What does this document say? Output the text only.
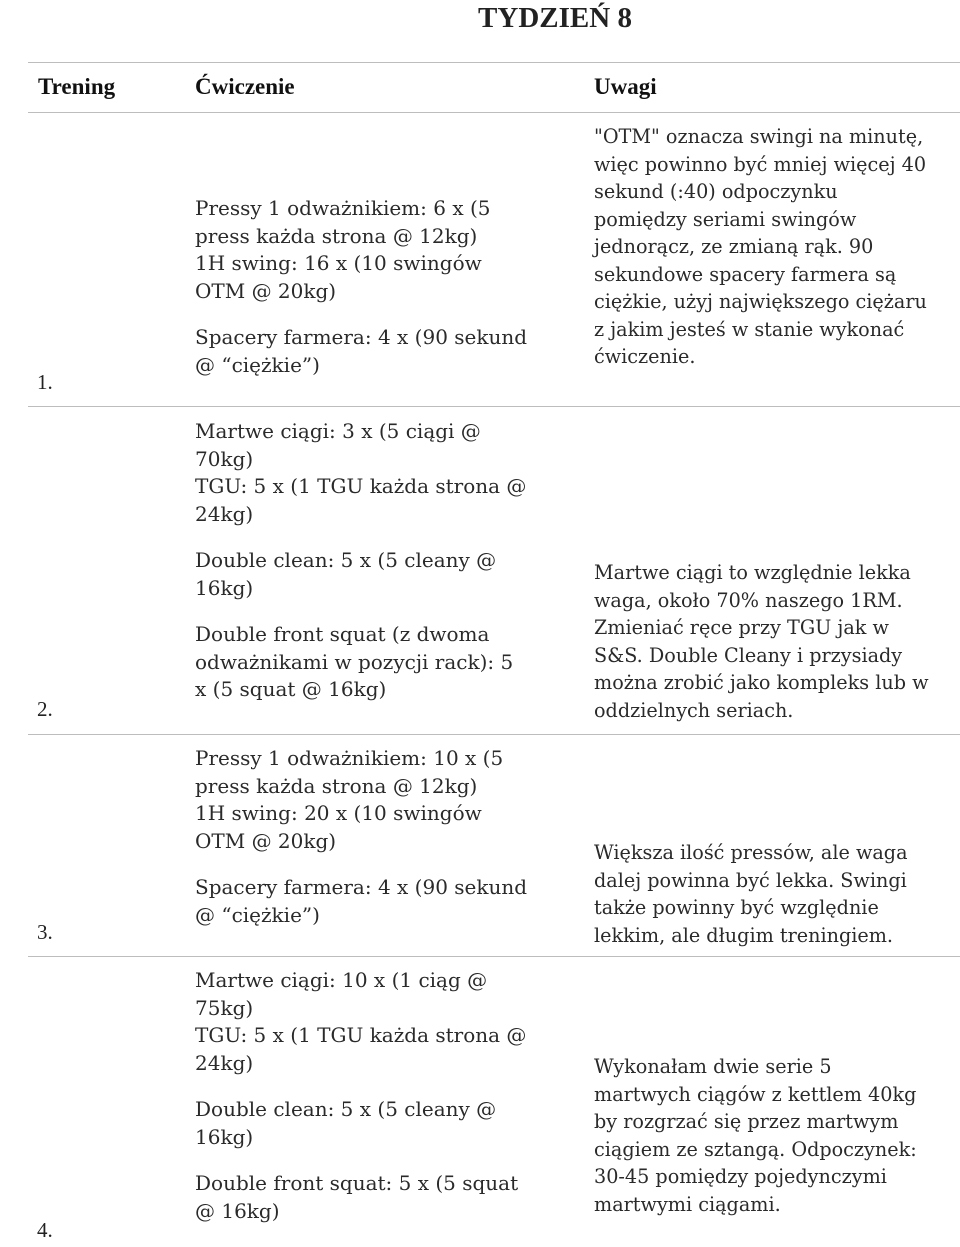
TYDZIEŃ 8
Trening	Ćwiczenie	Uwagi
1.

Pressy 1 odważnikiem: 6 x (5
press każda strona @ 12kg)
1H swing: 16 x (10 swingów
OTM @ 20kg)

Spacery farmera: 4 x (90 sekund
@ “ciężkie”)

"OTM" oznacza swingi na minutę, więc powinno być mniej więcej 40 sekund (:40) odpoczynku pomiędzy seriami swingów jednorącz, ze zmianą rąk. 90 sekundowe spacery farmera są ciężkie, użyj największego ciężaru z jakim jesteś w stanie wykonać ćwiczenie.
2.

Martwe ciągi: 3 x (5 ciągi @
70kg)
TGU: 5 x (1 TGU każda strona @
24kg)

Double clean: 5 x (5 cleany @
16kg)

Double front squat (z dwoma
odważnikami w pozycji rack): 5
x (5 squat @ 16kg)

Martwe ciągi to względnie lekka waga, około 70% naszego 1RM. Zmieniać ręce przy TGU jak w S&S. Double Cleany i przysiady można zrobić jako kompleks lub w oddzielnych seriach.
3.

Pressy 1 odważnikiem: 10 x (5
press każda strona @ 12kg)
1H swing: 20 x (10 swingów
OTM @ 20kg)

Spacery farmera: 4 x (90 sekund
@ “ciężkie”)

Większa ilość pressów, ale waga dalej powinna być lekka. Swingi także powinny być względnie lekkim, ale długim treningiem.
4.

Martwe ciągi: 10 x (1 ciąg @
75kg)
TGU: 5 x (1 TGU każda strona @
24kg)

Double clean: 5 x (5 cleany @
16kg)

Double front squat: 5 x (5 squat
@ 16kg)

Wykonałam dwie serie 5 martwych ciągów z kettlem 40kg by rozgrzać się przez martwym ciągiem ze sztangą. Odpoczynek: 30-45 pomiędzy pojedynczymi martwymi ciągami.
